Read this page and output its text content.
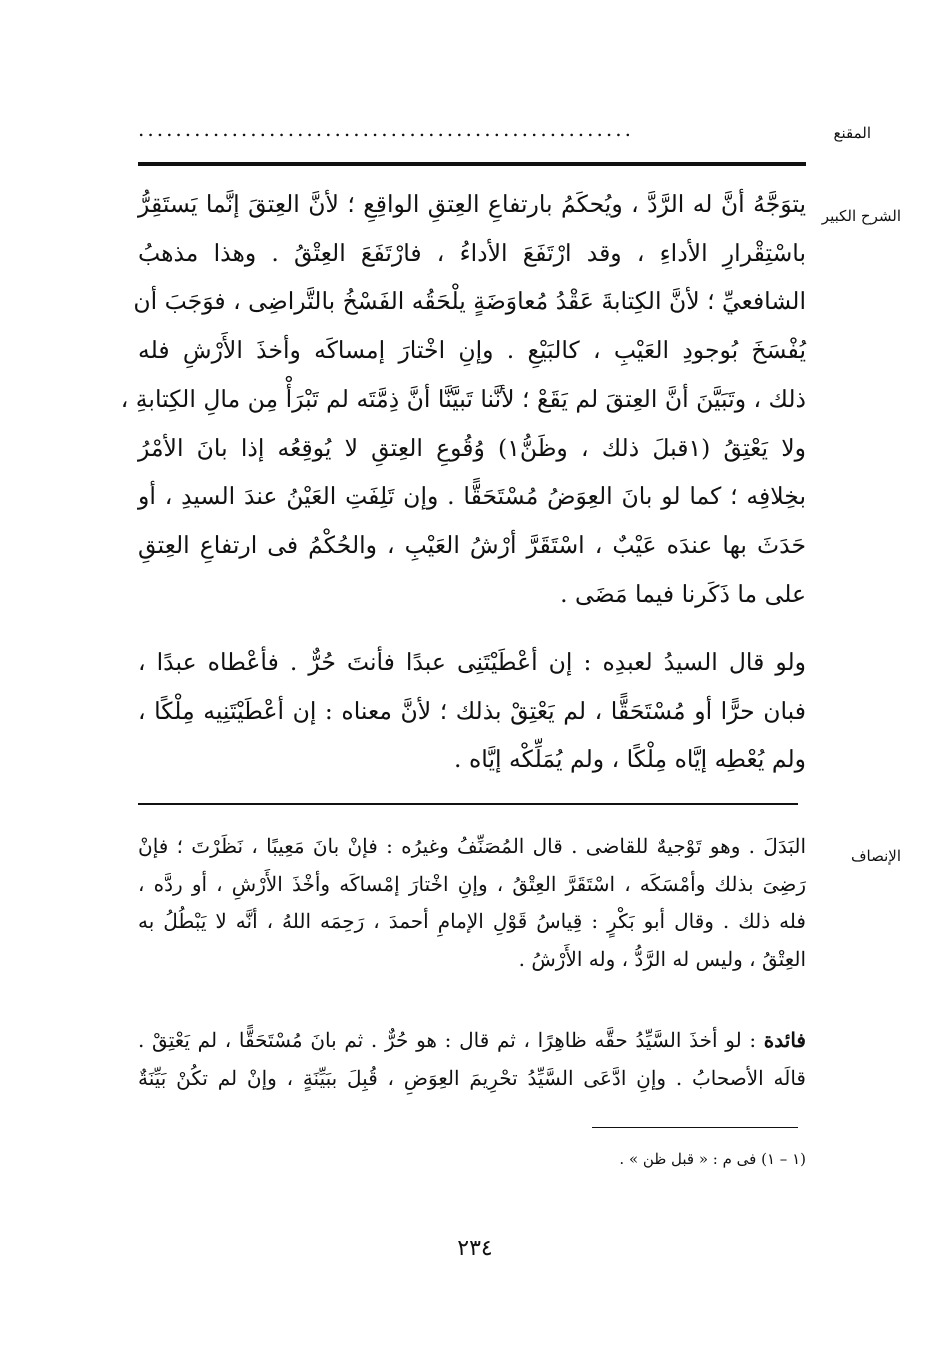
المقنع
.....................................................
الشرح الكبير
يتوَجَّهُ أنَّ له الرَّدَّ ، ويُحكَمُ بارتفاعِ العِتقِ الواقِعِ ؛ لأنَّ العِتقَ إنَّما يَستَقِرُّ
باسْتِقْرارِ الأداءِ ، وقد ارْتَفَعَ الأداءُ ، فارْتَفَعَ العِتْقُ . وهذا مذهبُ
الشافعيِّ ؛ لأنَّ الكِتابةَ عَقْدُ مُعاوَضَةٍ يلْحَقُه الفَسْخُ بالتَّراضِى ، فوَجَبَ أن
يُفْسَخَ بُوجودِ العَيْبِ ، كالبَيْعِ . وإنِ اخْتارَ إمساكَه وأخذَ الأَرْشِ فله
ذلك ، وتَبَيَّنَ أنَّ العِتقَ لم يَقَعْ ؛ لأنَّنا تَبيَّنَّا أنَّ ذِمَّتَه لم تَبْرَأْ مِن مالِ الكِتابةِ ،
ولا يَعْتِقُ (١قبلَ ذلك ، وظَنُّ١) وُقُوعِ العِتقِ لا يُوقِعُه إذا بانَ الأمْرُ
بخِلافِه ؛ كما لو بانَ العِوَضُ مُسْتَحَقًّا . وإن تَلِفَتِ العَيْنُ عندَ السيدِ ، أو
حَدَثَ بها عندَه عَيْبٌ ، اسْتَقَرَّ أرْشُ العَيْبِ ، والحُكْمُ فى ارتفاعِ العِتقِ
على ما ذَكَرنا فيما مَضَى .
ولو قال السيدُ لعبدِه : إن أعْطَيْتَنِى عبدًا فأنتَ حُرٌّ . فأعْطاه عبدًا ،
فبان حرًّا أو مُسْتَحَقًّا ، لم يَعْتِقْ بذلك ؛ لأنَّ معناه : إن أعْطَيْتَنِيه مِلْكًا ،
ولم يُعْطِه إيَّاه مِلْكًا ، ولم يُمَلِّكْه إيَّاه .
الإنصاف
البَدَلَ . وهو تَوْجيهٌ للقاضى . قال المُصَنِّفُ وغيرُه : فإنْ بانَ مَعِيبًا ، نَظَرْتَ ؛ فإنْ
رَضِىَ بذلك وأمْسَكَه ، اسْتَقَرَّ العِتْقُ ، وإنِ اخْتارَ إمْساكَه وأخْذَ الأَرْشِ ، أو ردَّه ،
فله ذلك . وقال أبو بَكْرٍ : قِياسُ قَوْلِ الإمامِ أحمدَ ، رَحِمَه اللهُ ، أنَّه لا يَبْطُلُ به
العِتْقُ ، وليس له الرَّدُّ ، وله الأَرْشُ .
فائدة : لو أخذَ السَّيِّدُ حقَّه ظاهِرًا ، ثم قال : هو حُرٌّ . ثم بانَ مُسْتَحَقًّا ، لم يَعْتِقْ .
قالَه الأصحابُ . وإنِ ادَّعَى السَّيِّدُ تحْرِيمَ العِوَضِ ، قُبِلَ ببَيِّنَةٍ ، وإنْ لم تكُنْ بَيِّنَةٌ
(١ – ١) فى م : « قبل ظن » .
٢٣٤
